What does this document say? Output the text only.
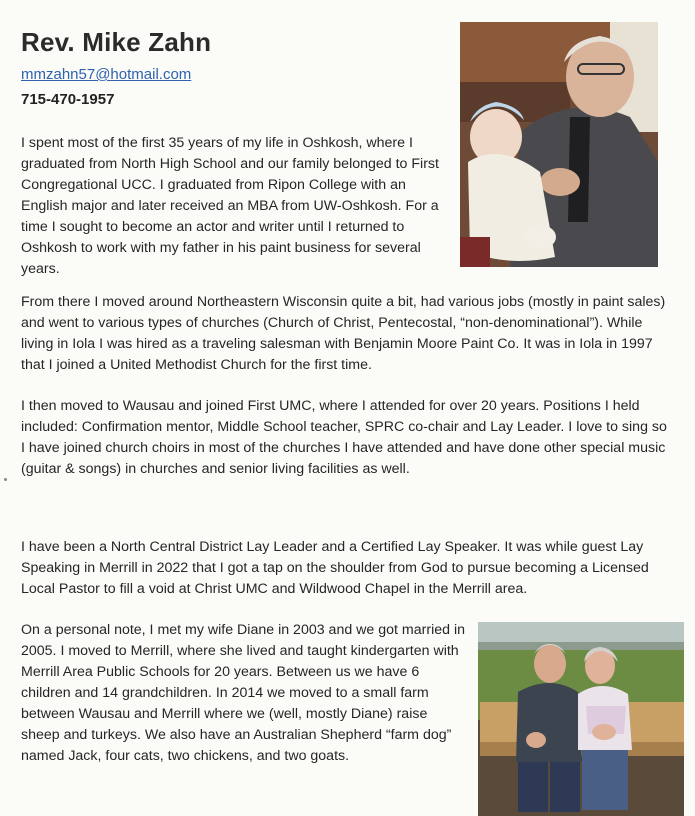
Rev. Mike Zahn
mmzahn57@hotmail.com
715-470-1957

I spent most of the first 35 years of my life in Oshkosh, where I graduated from North High School and our family belonged to First Congregational UCC. I graduated from Ripon College with an English major and later received an MBA from UW-Oshkosh. For a time I sought to become an actor and writer until I returned to Oshkosh to work with my father in his paint business for several years.

From there I moved around Northeastern Wisconsin quite a bit, had various jobs (mostly in paint sales) and went to various types of churches (Church of Christ, Pentecostal, “non-denominational”). While living in Iola I was hired as a traveling salesman with Benjamin Moore Paint Co. It was in Iola in 1997 that I joined a United Methodist Church for the first time.

I then moved to Wausau and joined First UMC, where I attended for over 20 years. Positions I held included: Confirmation mentor, Middle School teacher, SPRC co-chair and Lay Leader. I love to sing so I have joined church choirs in most of the churches I have attended and have done other special music (guitar & songs) in churches and senior living facilities as well.

I have been a North Central District Lay Leader and a Certified Lay Speaker. It was while guest Lay Speaking in Merrill in 2022 that I got a tap on the shoulder from God to pursue becoming a Licensed Local Pastor to fill a void at Christ UMC and Wildwood Chapel in the Merrill area.

On a personal note, I met my wife Diane in 2003 and we got married in 2005. I moved to Merrill, where she lived and taught kindergarten with Merrill Area Public Schools for 20 years. Between us we have 6 children and 14 grandchildren. In 2014 we moved to a small farm between Wausau and Merrill where we (well, mostly Diane) raise sheep and turkeys. We also have an Australian Shepherd “farm dog” named Jack, four cats, two chickens, and two goats.
